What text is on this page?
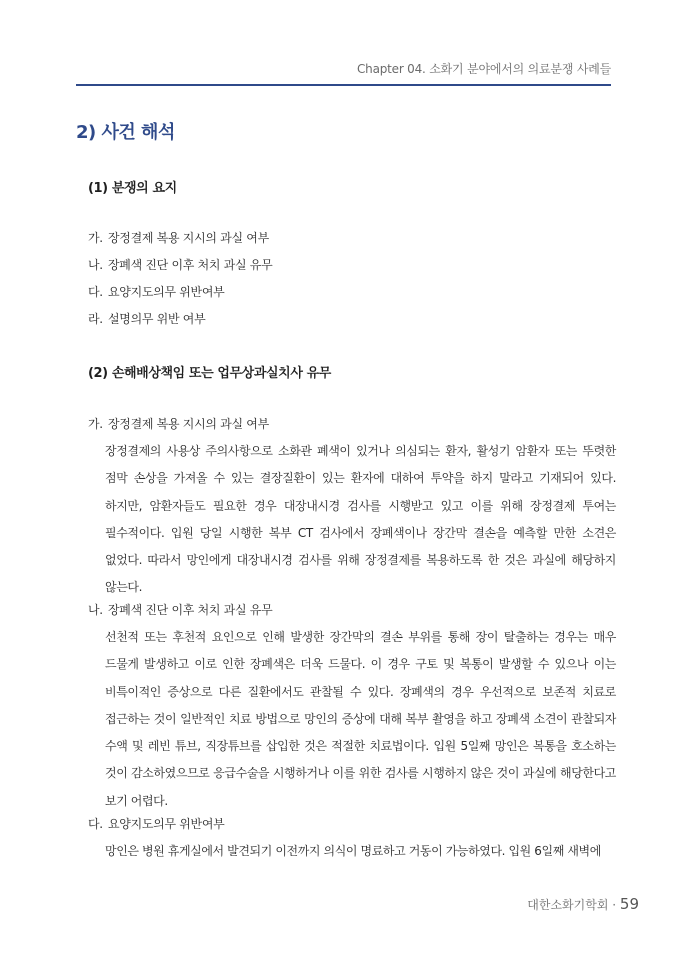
Chapter 04. 소화기 분야에서의 의료분쟁 사례들
2) 사건 해석
(1) 분쟁의 요지
가. 장정결제 복용 지시의 과실 여부
나. 장폐색 진단 이후 처치 과실 유무
다. 요양지도의무 위반여부
라. 설명의무 위반 여부
(2) 손해배상책임 또는 업무상과실치사 유무
가. 장정결제 복용 지시의 과실 여부
장정결제의 사용상 주의사항으로 소화관 폐색이 있거나 의심되는 환자, 활성기 암환자 또는 뚜렷한 점막 손상을 가져올 수 있는 결장질환이 있는 환자에 대하여 투약을 하지 말라고 기재되어 있다. 하지만, 암환자들도 필요한 경우 대장내시경 검사를 시행받고 있고 이를 위해 장정결제 투여는 필수적이다. 입원 당일 시행한 복부 CT 검사에서 장폐색이나 장간막 결손을 예측할 만한 소견은 없었다. 따라서 망인에게 대장내시경 검사를 위해 장정결제를 복용하도록 한 것은 과실에 해당하지 않는다.
나. 장폐색 진단 이후 처치 과실 유무
선천적 또는 후천적 요인으로 인해 발생한 장간막의 결손 부위를 통해 장이 탈출하는 경우는 매우 드물게 발생하고 이로 인한 장폐색은 더욱 드물다. 이 경우 구토 및 복통이 발생할 수 있으나 이는 비특이적인 증상으로 다른 질환에서도 관찰될 수 있다. 장폐색의 경우 우선적으로 보존적 치료로 접근하는 것이 일반적인 치료 방법으로 망인의 증상에 대해 복부 촬영을 하고 장폐색 소견이 관찰되자 수액 및 레빈 튜브, 직장튜브를 삽입한 것은 적절한 치료법이다. 입원 5일째 망인은 복통을 호소하는 것이 감소하였으므로 응급수술을 시행하거나 이를 위한 검사를 시행하지 않은 것이 과실에 해당한다고 보기 어렵다.
다. 요양지도의무 위반여부
망인은 병원 휴게실에서 발견되기 이전까지 의식이 명료하고 거동이 가능하였다. 입원 6일째 새벽에
대한소화기학회 · 59
